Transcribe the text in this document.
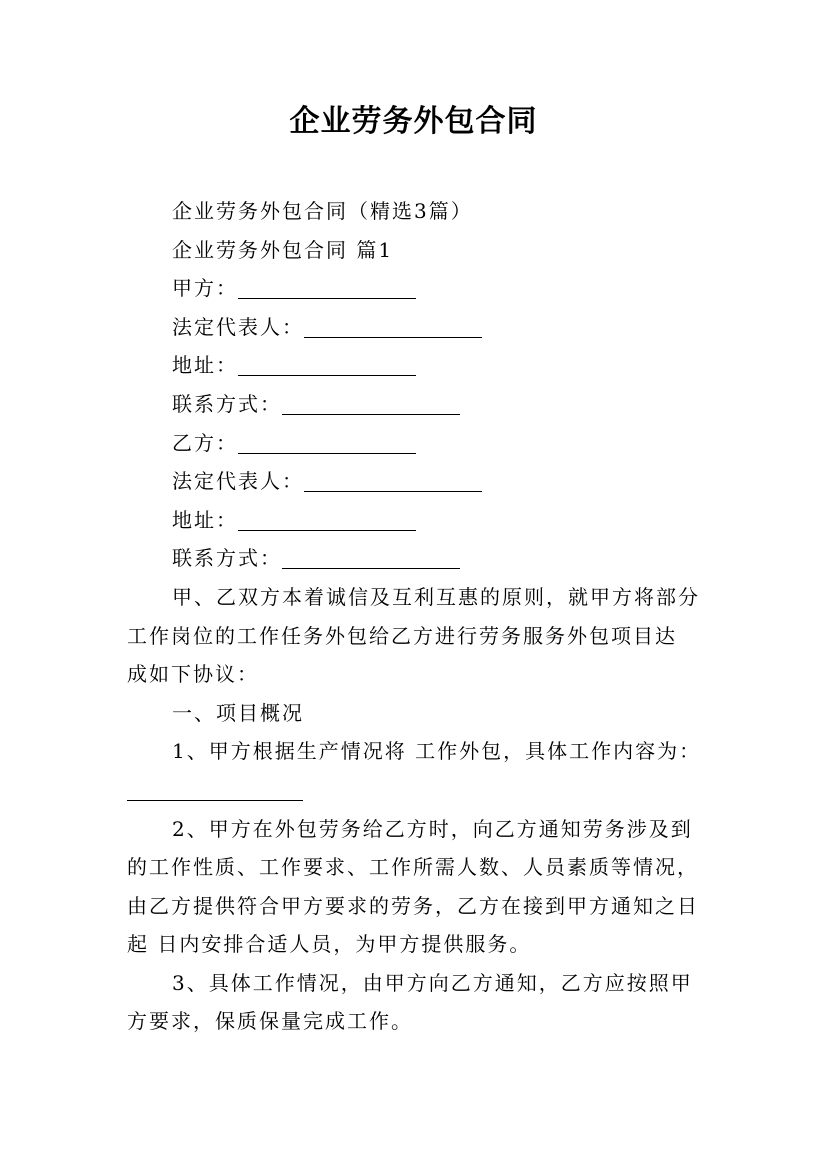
企业劳务外包合同

企业劳务外包合同（精选3篇）

企业劳务外包合同 篇1

甲方：

法定代表人：

地址：

联系方式：

乙方：

法定代表人：

地址：

联系方式：

甲、乙双方本着诚信及互利互惠的原则，就甲方将部分

工作岗位的工作任务外包给乙方进行劳务服务外包项目达

成如下协议：

一、项目概况

1、甲方根据生产情况将 工作外包，具体工作内容为：

2、甲方在外包劳务给乙方时，向乙方通知劳务涉及到

的工作性质、工作要求、工作所需人数、人员素质等情况，

由乙方提供符合甲方要求的劳务，乙方在接到甲方通知之日

起 日内安排合适人员，为甲方提供服务。

3、具体工作情况，由甲方向乙方通知，乙方应按照甲

方要求，保质保量完成工作。
